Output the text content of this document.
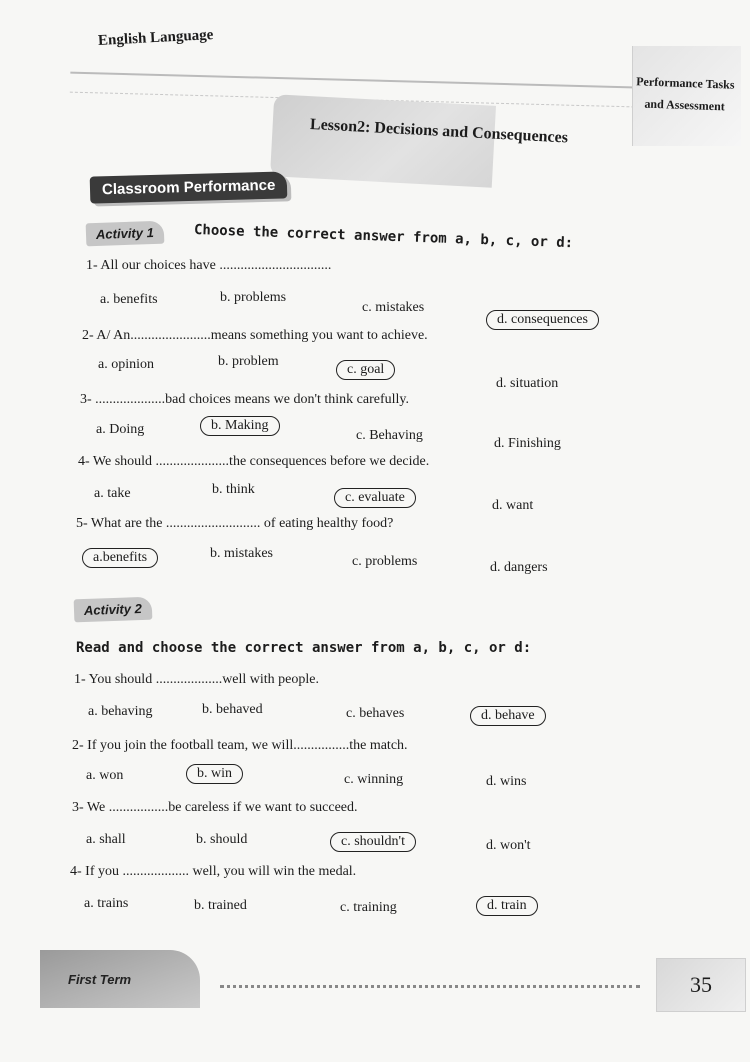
English Language
Performance Tasks and Assessment
Lesson2: Decisions and Consequences
Classroom Performance
Activity 1	Choose the correct answer from a, b, c, or d:
1- All our choices have ................................
a. benefits	b. problems
c. mistakes
d. consequences
2- A/ An.......................means something you want to achieve.
a. opinion	b. problem
c. goal
d. situation
3- ....................bad choices means we don't think carefully.
a. Doing	b. Making
c. Behaving
d. Finishing
4- We should .....................the consequences before we decide.
a. take	b. think
c. evaluate
d. want
5- What are the ........................... of eating healthy food?
a.benefits	b. mistakes
c. problems	d. dangers
Activity 2
Read and choose the correct answer from a, b, c, or d:
1- You should ...................well with people.
a. behaving	b. behaved	c. behaves	d. behave
2- If you join the football team, we will................the match.
a. won	b. win	c. winning	d. wins
3- We .................be careless if we want to succeed.
a. shall	b. should	c. shouldn't	d. won't
4- If you ................... well, you will win the medal.
a. trains	b. trained	c. training	d. train
First Term	35
